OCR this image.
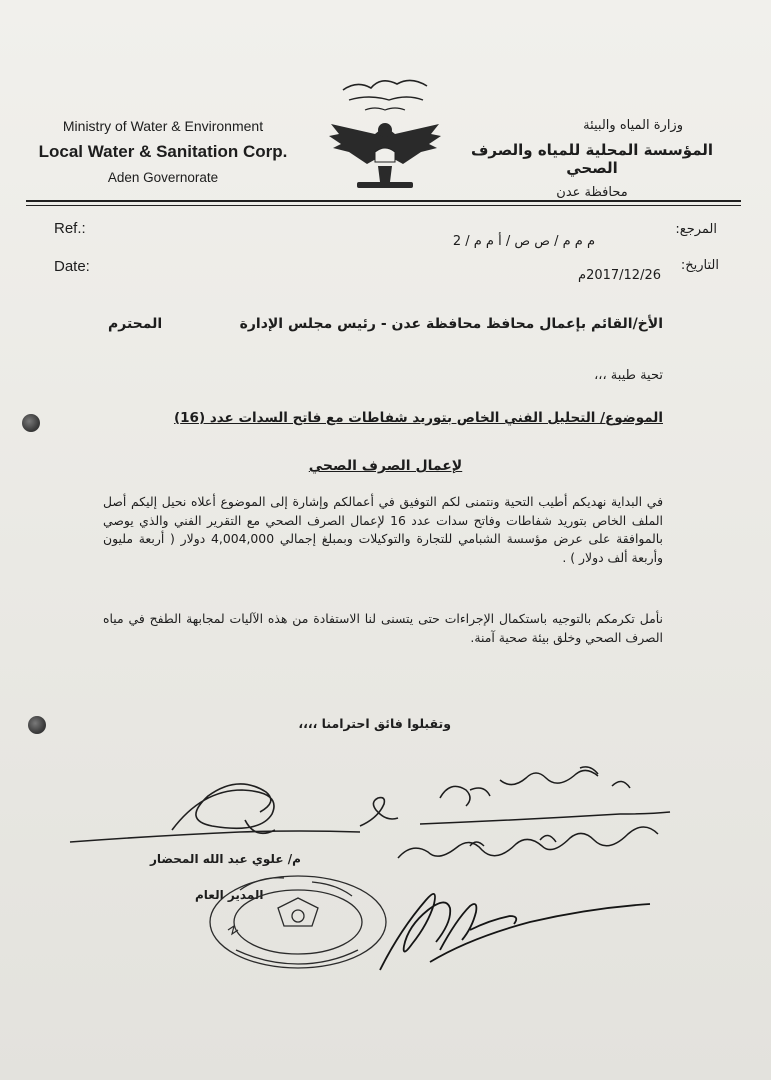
Ministry of Water & Environment
Local Water & Sanitation Corp.
Aden Governorate
وزارة المياه والبيئة
المؤسسة المحلية للمياه والصرف الصحي
محافظة عدن
Ref.:	المرجع:
م م م / ص ص / أ م م / 2
Date:	التاريخ:
2017/12/26م
الأخ/القائم بإعمال محافظ محافظة عدن - رئيس مجلس الإدارة
المحترم
تحية طيبة ،،،
الموضوع/ التحليل الفني الخاص بتوريد شفاطات مع فاتح السدات عدد (16)
لإعمال الصرف الصحي
في البداية نهديكم أطيب التحية ونتمنى لكم التوفيق في أعمالكم وإشارة إلى الموضوع أعلاه نحيل إليكم أصل الملف الخاص بتوريد شفاطات وفاتح سدات عدد 16 لإعمال الصرف الصحي مع التقرير الفني والذي يوصي بالموافقة على عرض مؤسسة الشبامي للتجارة والتوكيلات وبمبلغ إجمالي 4,004,000 دولار ( أربعة مليون وأربعة ألف دولار ) .
نأمل تكرمكم بالتوجيه باستكمال الإجراءات حتى يتسنى لنا الاستفادة من هذه الآليات لمجابهة الطفح في مياه الصرف الصحي وخلق بيئة صحية آمنة.
وتقبلوا فائق احترامنا ،،،،
م/ علوي عبد الله المحضار
المدير العام
